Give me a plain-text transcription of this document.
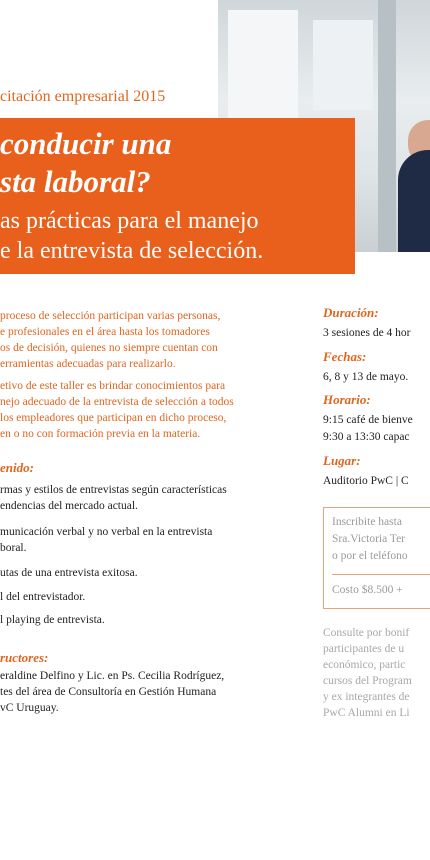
citación empresarial 2015
conducir una
sta laboral?
as prácticas para el manejo
e la entrevista de selección.
proceso de selección participan varias personas,
e profesionales en el área hasta los tomadores
os de decisión, quienes no siempre cuentan con
erramientas adecuadas para realizarlo.
etivo de este taller es brindar conocimientos para
nejo adecuado de la entrevista de selección a todos
los empleadores que participan en dicho proceso,
en o no con formación previa en la materia.
enido:
rmas y estilos de entrevistas según características
endencias del mercado actual.
municación verbal y no verbal en la entrevista
boral.
utas de una entrevista exitosa.
l del entrevistador.
l playing de entrevista.
ructores:
eraldine Delfino y Lic. en Ps. Cecilia Rodríguez,
tes del área de Consultoría en Gestión Humana
vC Uruguay.
Duración:
3 sesiones de 4 hor
Fechas:
6, 8 y 13 de mayo.
Horario:
9:15 café de bienve
9:30 a 13:30 capac
Lugar:
Auditorio PwC | C
Inscribite hasta
Sra.Victoria Ter
o por el teléfono
Costo $8.500 +
Consulte por bonif
participantes de u
económico, partic
cursos del Program
y ex integrantes de
PwC Alumni en Li
